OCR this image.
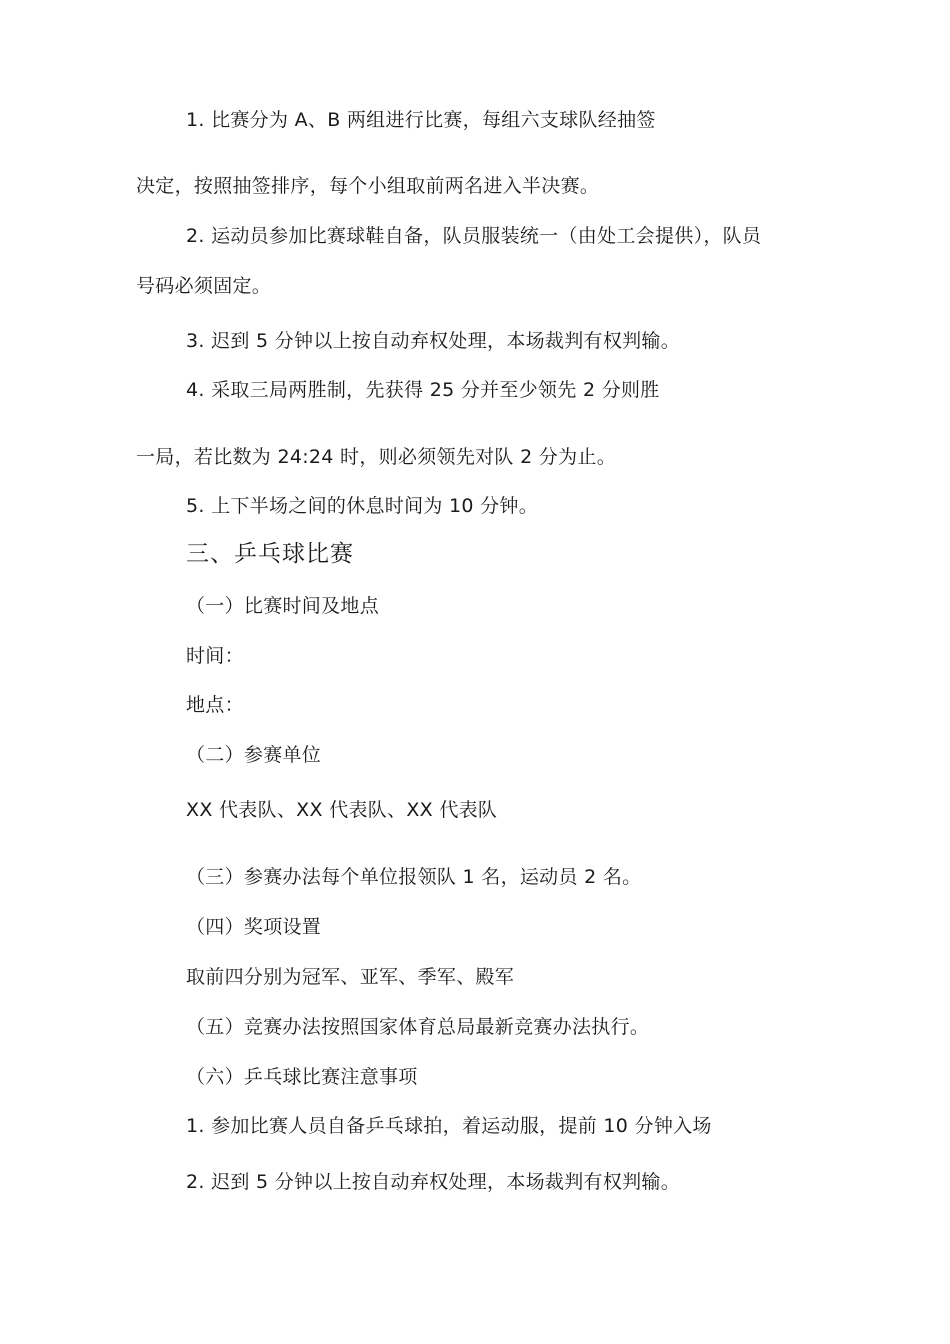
1. 比赛分为 A、B 两组进行比赛，每组六支球队经抽签
决定，按照抽签排序，每个小组取前两名进入半决赛。
2. 运动员参加比赛球鞋自备，队员服装统一（由处工会提供），队员
号码必须固定。
3. 迟到 5 分钟以上按自动弃权处理，本场裁判有权判输。
4. 采取三局两胜制，先获得 25 分并至少领先 2 分则胜
一局，若比数为 24:24 时，则必须领先对队 2 分为止。
5. 上下半场之间的休息时间为 10 分钟。
三、乒乓球比赛
（一）比赛时间及地点
时间：
地点：
（二）参赛单位
XX 代表队、XX 代表队、XX 代表队
（三）参赛办法每个单位报领队 1 名，运动员 2 名。
（四）奖项设置
取前四分别为冠军、亚军、季军、殿军
（五）竞赛办法按照国家体育总局最新竞赛办法执行。
（六）乒乓球比赛注意事项
1. 参加比赛人员自备乒乓球拍，着运动服，提前 10 分钟入场
2. 迟到 5 分钟以上按自动弃权处理，本场裁判有权判输。
